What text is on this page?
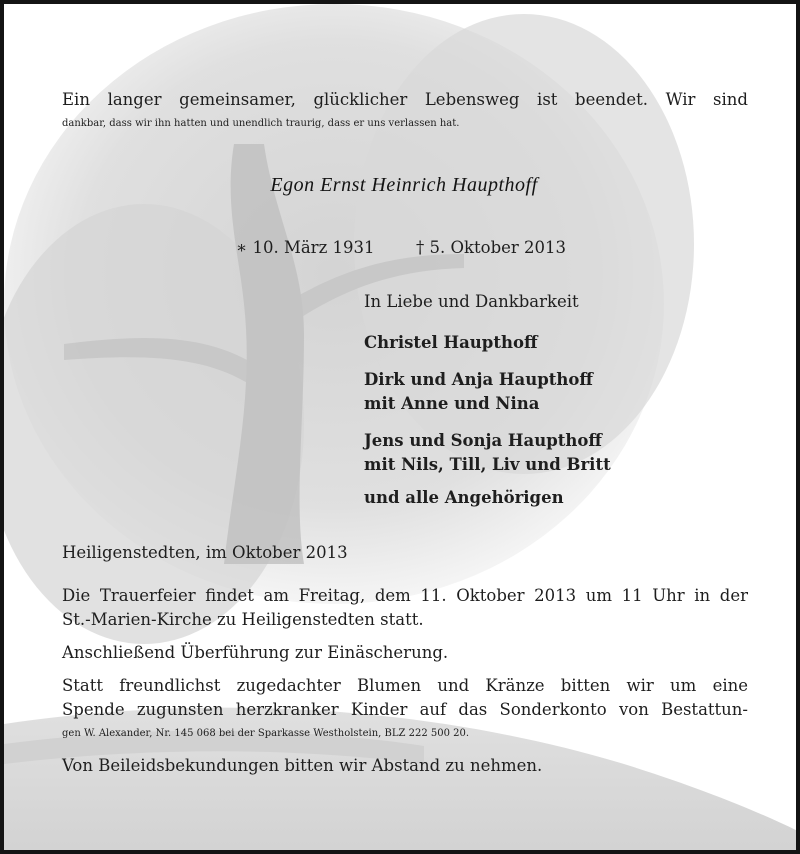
Ein langer gemeinsamer, glücklicher Lebensweg ist beendet. Wir sind
dankbar, dass wir ihn hatten und unendlich traurig, dass er uns verlassen hat.
Egon Ernst Heinrich Haupthoff
∗ 10. März 1931	† 5. Oktober 2013
In Liebe und Dankbarkeit
Christel Haupthoff
Dirk und Anja Haupthoff
mit Anne und Nina
Jens und Sonja Haupthoff
mit Nils, Till, Liv und Britt
und alle Angehörigen
Heiligenstedten, im Oktober 2013
Die Trauerfeier findet am Freitag, dem 11. Oktober 2013 um 11 Uhr in der
St.-Marien-Kirche zu Heiligenstedten statt.
Anschließend Überführung zur Einäscherung.
Statt freundlichst zugedachter Blumen und Kränze bitten wir um eine
Spende zugunsten herzkranker Kinder auf das Sonderkonto von Bestattun-
gen W. Alexander, Nr. 145 068 bei der Sparkasse Westholstein, BLZ 222 500 20.
Von Beileidsbekundungen bitten wir Abstand zu nehmen.
